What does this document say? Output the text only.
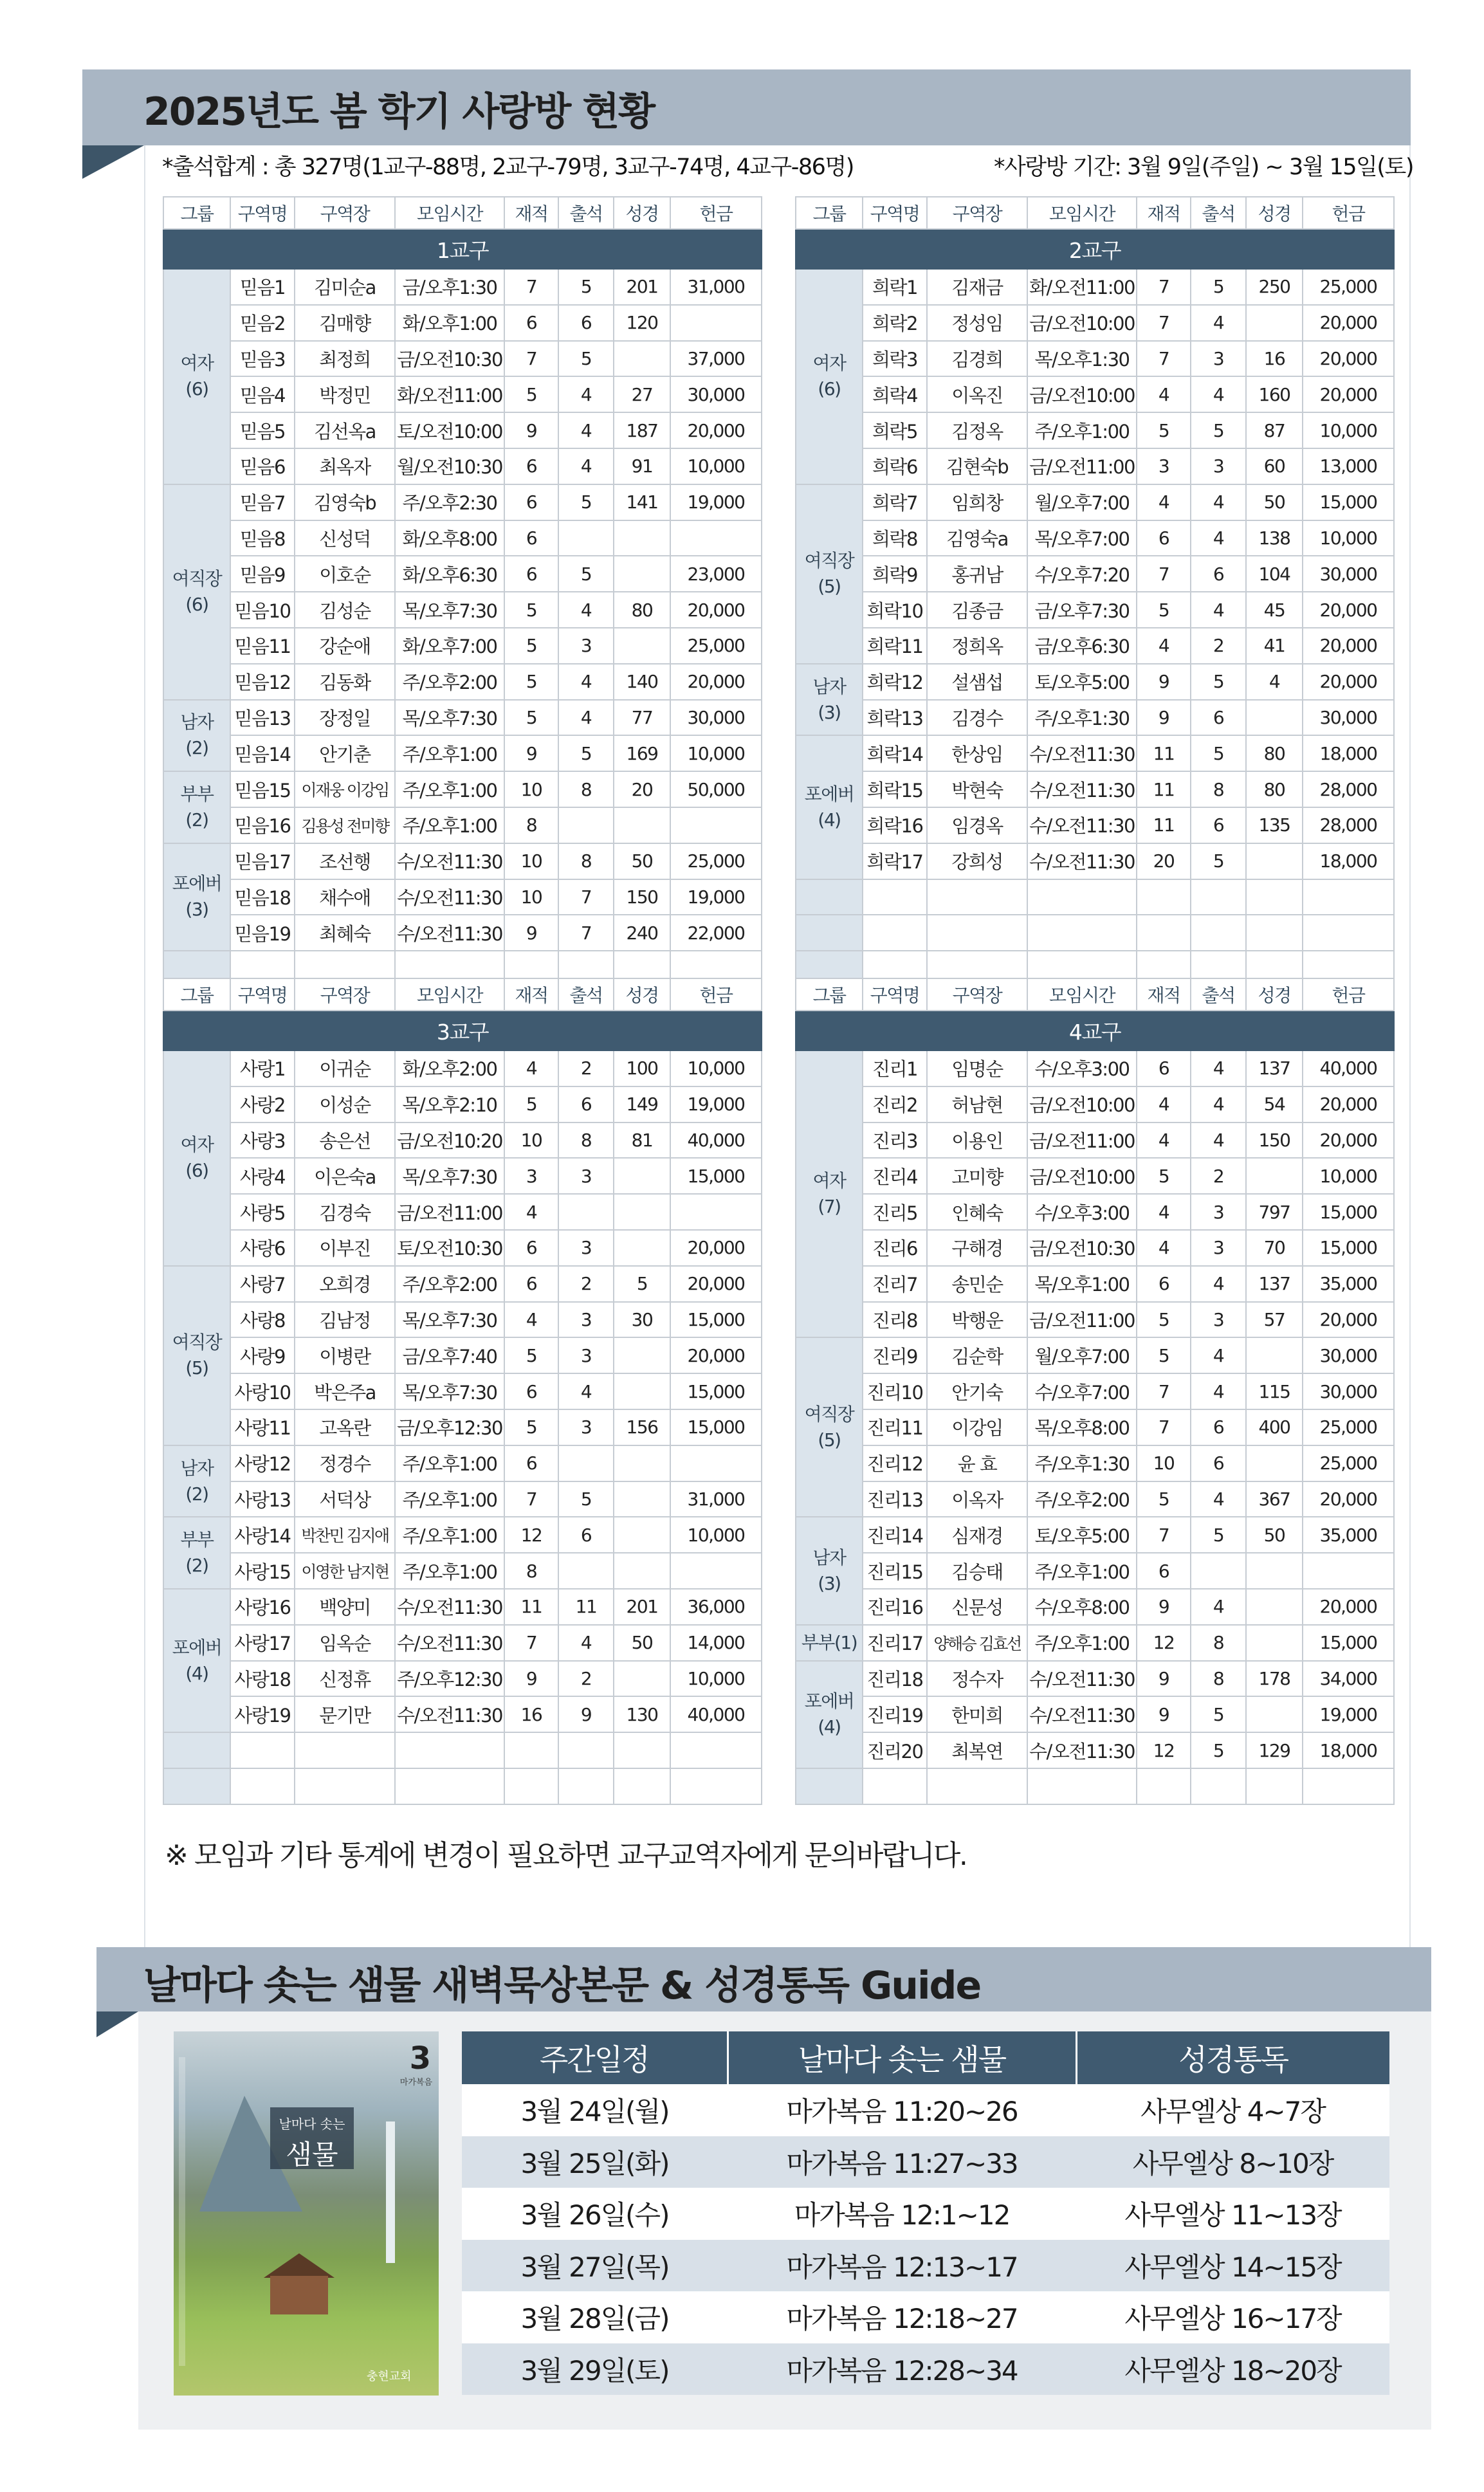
2025년도 봄 학기 사랑방 현황
*출석합계 : 총 327명(1교구-88명, 2교구-79명, 3교구-74명, 4교구-86명)	*사랑방 기간: 3월 9일(주일) ~ 3월 15일(토)
그룹	구역명	구역장	모임시간	재적	출석	성경	헌금
1교구							
여자
(6)	믿음1	김미순a	금/오후1:30	7	5	201	31,000
	믿음2	김매향	화/오후1:00	6	6	120	
	믿음3	최정희	금/오전10:30	7	5		37,000
	믿음4	박정민	화/오전11:00	5	4	27	30,000
	믿음5	김선옥a	토/오전10:00	9	4	187	20,000
	믿음6	최옥자	월/오전10:30	6	4	91	10,000
여직장
(6)	믿음7	김영숙b	주/오후2:30	6	5	141	19,000
	믿음8	신성덕	화/오후8:00	6			
	믿음9	이호순	화/오후6:30	6	5		23,000
	믿음10	김성순	목/오후7:30	5	4	80	20,000
	믿음11	강순애	화/오후7:00	5	3		25,000
	믿음12	김동화	주/오후2:00	5	4	140	20,000
남자
(2)	믿음13	장정일	목/오후7:30	5	4	77	30,000
	믿음14	안기춘	주/오후1:00	9	5	169	10,000
부부
(2)	믿음15	이재웅 이강임	주/오후1:00	10	8	20	50,000
	믿음16	김용성 전미향	주/오후1:00	8			
포에버
(3)	믿음17	조선행	수/오전11:30	10	8	50	25,000
	믿음18	채수애	수/오전11:30	10	7	150	19,000
	믿음19	최혜숙	수/오전11:30	9	7	240	22,000

그룹	구역명	구역장	모임시간	재적	출석	성경	헌금
2교구							
여자
(6)	희락1	김재금	화/오전11:00	7	5	250	25,000
	희락2	정성임	금/오전10:00	7	4		20,000
	희락3	김경희	목/오후1:30	7	3	16	20,000
	희락4	이옥진	금/오전10:00	4	4	160	20,000
	희락5	김정옥	주/오후1:00	5	5	87	10,000
	희락6	김현숙b	금/오전11:00	3	3	60	13,000
여직장
(5)	희락7	임희창	월/오후7:00	4	4	50	15,000
	희락8	김영숙a	목/오후7:00	6	4	138	10,000
	희락9	홍귀남	수/오후7:20	7	6	104	30,000
	희락10	김종금	금/오후7:30	5	4	45	20,000
	희락11	정희옥	금/오후6:30	4	2	41	20,000
남자
(3)	희락12	설샘섭	토/오후5:00	9	5	4	20,000
	희락13	김경수	주/오후1:30	9	6		30,000
포에버
(4)	희락14	한상임	수/오전11:30	11	5	80	18,000
	희락15	박현숙	수/오전11:30	11	8	80	28,000
	희락16	임경옥	수/오전11:30	11	6	135	28,000
	희락17	강희성	수/오전11:30	20	5		18,000

그룹	구역명	구역장	모임시간	재적	출석	성경	헌금
3교구							
여자
(6)	사랑1	이귀순	화/오후2:00	4	2	100	10,000
	사랑2	이성순	목/오후2:10	5	6	149	19,000
	사랑3	송은선	금/오전10:20	10	8	81	40,000
	사랑4	이은숙a	목/오후7:30	3	3		15,000
	사랑5	김경숙	금/오전11:00	4			
	사랑6	이부진	토/오전10:30	6	3		20,000
여직장
(5)	사랑7	오희경	주/오후2:00	6	2	5	20,000
	사랑8	김남정	목/오후7:30	4	3	30	15,000
	사랑9	이병란	금/오후7:40	5	3		20,000
	사랑10	박은주a	목/오후7:30	6	4		15,000
	사랑11	고옥란	금/오후12:30	5	3	156	15,000
남자
(2)	사랑12	정경수	주/오후1:00	6			
	사랑13	서덕상	주/오후1:00	7	5		31,000
부부
(2)	사랑14	박찬민 김지애	주/오후1:00	12	6		10,000
	사랑15	이영한 남지현	주/오후1:00	8			
포에버
(4)	사랑16	백양미	수/오전11:30	11	11	201	36,000
	사랑17	임옥순	수/오전11:30	7	4	50	14,000
	사랑18	신정휴	주/오후12:30	9	2		10,000
	사랑19	문기만	수/오전11:30	16	9	130	40,000

그룹	구역명	구역장	모임시간	재적	출석	성경	헌금
4교구							
여자
(7)	진리1	임명순	수/오후3:00	6	4	137	40,000
	진리2	허남현	금/오전10:00	4	4	54	20,000
	진리3	이용인	금/오전11:00	4	4	150	20,000
	진리4	고미향	금/오전10:00	5	2		10,000
	진리5	인혜숙	수/오후3:00	4	3	797	15,000
	진리6	구해경	금/오전10:30	4	3	70	15,000
	진리7	송민순	목/오후1:00	6	4	137	35,000
	진리8	박행운	금/오전11:00	5	3	57	20,000
여직장
(5)	진리9	김순학	월/오후7:00	5	4		30,000
	진리10	안기숙	수/오후7:00	7	4	115	30,000
	진리11	이강임	목/오후8:00	7	6	400	25,000
	진리12	윤 효	주/오후1:30	10	6		25,000
	진리13	이옥자	주/오후2:00	5	4	367	20,000
남자
(3)	진리14	심재경	토/오후5:00	7	5	50	35,000
	진리15	김승태	주/오후1:00	6			
	진리16	신문성	수/오후8:00	9	4		20,000
부부(1)	진리17	양해승 김효선	주/오후1:00	12	8		15,000
포에버
(4)	진리18	정수자	수/오전11:30	9	8	178	34,000
	진리19	한미희	수/오전11:30	9	5		19,000
	진리20	최복연	수/오전11:30	12	5	129	18,000

※ 모임과 기타 통계에 변경이 필요하면 교구교역자에게 문의바랍니다.
날마다 솟는 샘물 새벽묵상본문 & 성경통독 Guide
3
마가복음
날마다 솟는
샘물
충현교회
주간일정	날마다 솟는 샘물	성경통독
3월 24일(월)	마가복음 11:20~26	사무엘상 4~7장
3월 25일(화)	마가복음 11:27~33	사무엘상 8~10장
3월 26일(수)	마가복음 12:1~12	사무엘상 11~13장
3월 27일(목)	마가복음 12:13~17	사무엘상 14~15장
3월 28일(금)	마가복음 12:18~27	사무엘상 16~17장
3월 29일(토)	마가복음 12:28~34	사무엘상 18~20장
